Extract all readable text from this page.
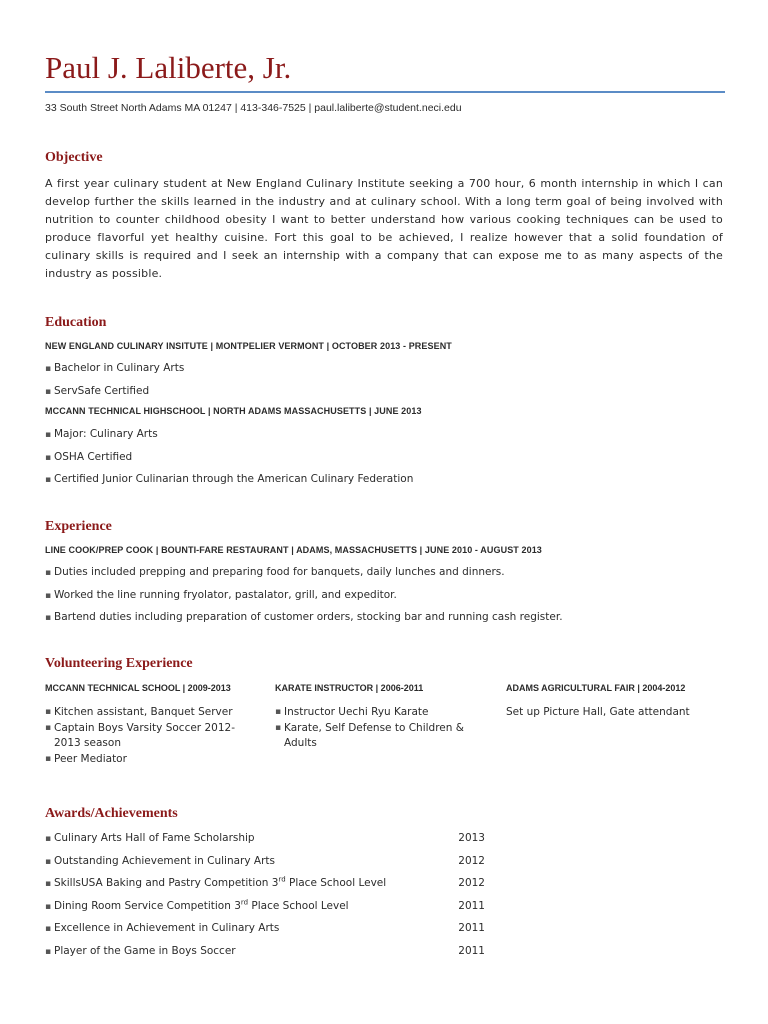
Paul J. Laliberte, Jr.
33 South Street North Adams MA 01247 | 413-346-7525 | paul.laliberte@student.neci.edu
Objective
A first year culinary student at New England Culinary Institute seeking a 700 hour, 6 month internship in which I can develop further the skills learned in the industry and at culinary school. With a long term goal of being involved with nutrition to counter childhood obesity I want to better understand how various cooking techniques can be used to produce flavorful yet healthy cuisine. Fort this goal to be achieved, I realize however that a solid foundation of culinary skills is required and I seek an internship with a company that can expose me to as many aspects of the industry as possible.
Education
NEW ENGLAND CULINARY INSITUTE | MONTPELIER VERMONT | OCTOBER 2013 - PRESENT
▪ Bachelor in Culinary Arts
▪ ServSafe Certified
MCCANN TECHNICAL HIGHSCHOOL | NORTH ADAMS MASSACHUSETTS | JUNE 2013
▪ Major: Culinary Arts
▪ OSHA Certified
▪ Certified Junior Culinarian through the American Culinary Federation
Experience
LINE COOK/PREP COOK | BOUNTI-FARE RESTAURANT | ADAMS, MASSACHUSETTS | JUNE 2010 - AUGUST 2013
▪ Duties included prepping and preparing food for banquets, daily lunches and dinners.
▪ Worked the line running fryolator, pastalator, grill, and expeditor.
▪ Bartend duties including preparation of customer orders, stocking bar and running cash register.
Volunteering Experience
MCCANN TECHNICAL SCHOOL | 2009-2013
▪ Kitchen assistant, Banquet Server
▪ Captain Boys Varsity Soccer 2012-2013 season
▪ Peer Mediator
KARATE INSTRUCTOR | 2006-2011
▪ Instructor Uechi Ryu Karate
▪ Karate, Self Defense to Children & Adults
ADAMS AGRICULTURAL FAIR | 2004-2012
Set up Picture Hall, Gate attendant
Awards/Achievements
▪ Culinary Arts Hall of Fame Scholarship	2013
▪ Outstanding Achievement in Culinary Arts	2012
▪ SkillsUSA Baking and Pastry Competition 3rd Place School Level	2012
▪ Dining Room Service Competition 3rd Place School Level	2011
▪ Excellence in Achievement in Culinary Arts	2011
▪ Player of the Game in Boys Soccer	2011
